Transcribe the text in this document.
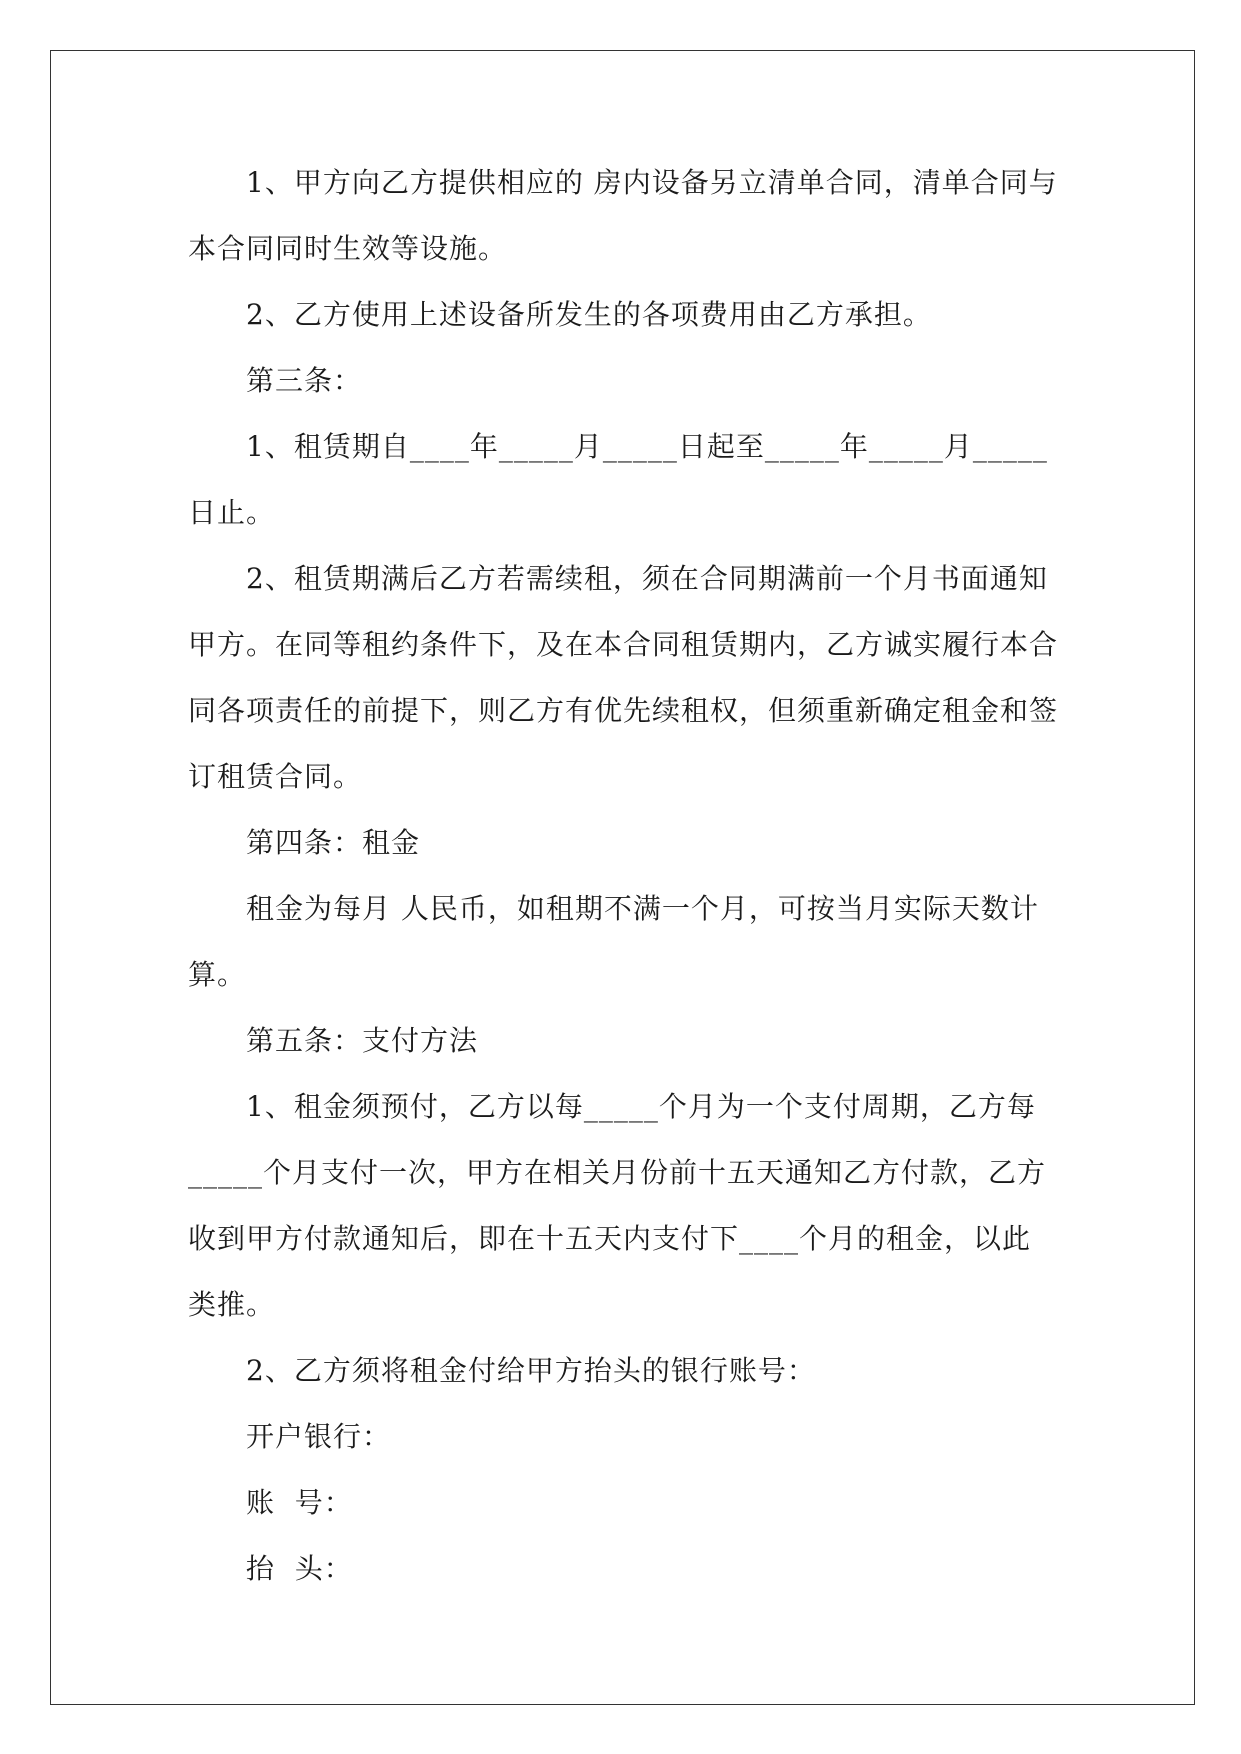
1、甲方向乙方提供相应的 房内设备另立清单合同，清单合同与本合同同时生效等设施。

2、乙方使用上述设备所发生的各项费用由乙方承担。

第三条：

1、租赁期自____年_____月_____日起至_____年_____月_____日止。

2、租赁期满后乙方若需续租，须在合同期满前一个月书面通知甲方。在同等租约条件下，及在本合同租赁期内，乙方诚实履行本合同各项责任的前提下，则乙方有优先续租权，但须重新确定租金和签订租赁合同。

第四条：租金

租金为每月 人民币，如租期不满一个月，可按当月实际天数计算。

第五条：支付方法

1、租金须预付，乙方以每_____个月为一个支付周期，乙方每_____个月支付一次，甲方在相关月份前十五天通知乙方付款，乙方收到甲方付款通知后，即在十五天内支付下____个月的租金，以此类推。

2、乙方须将租金付给甲方抬头的银行账号：

开户银行：

账  号：

抬  头：
